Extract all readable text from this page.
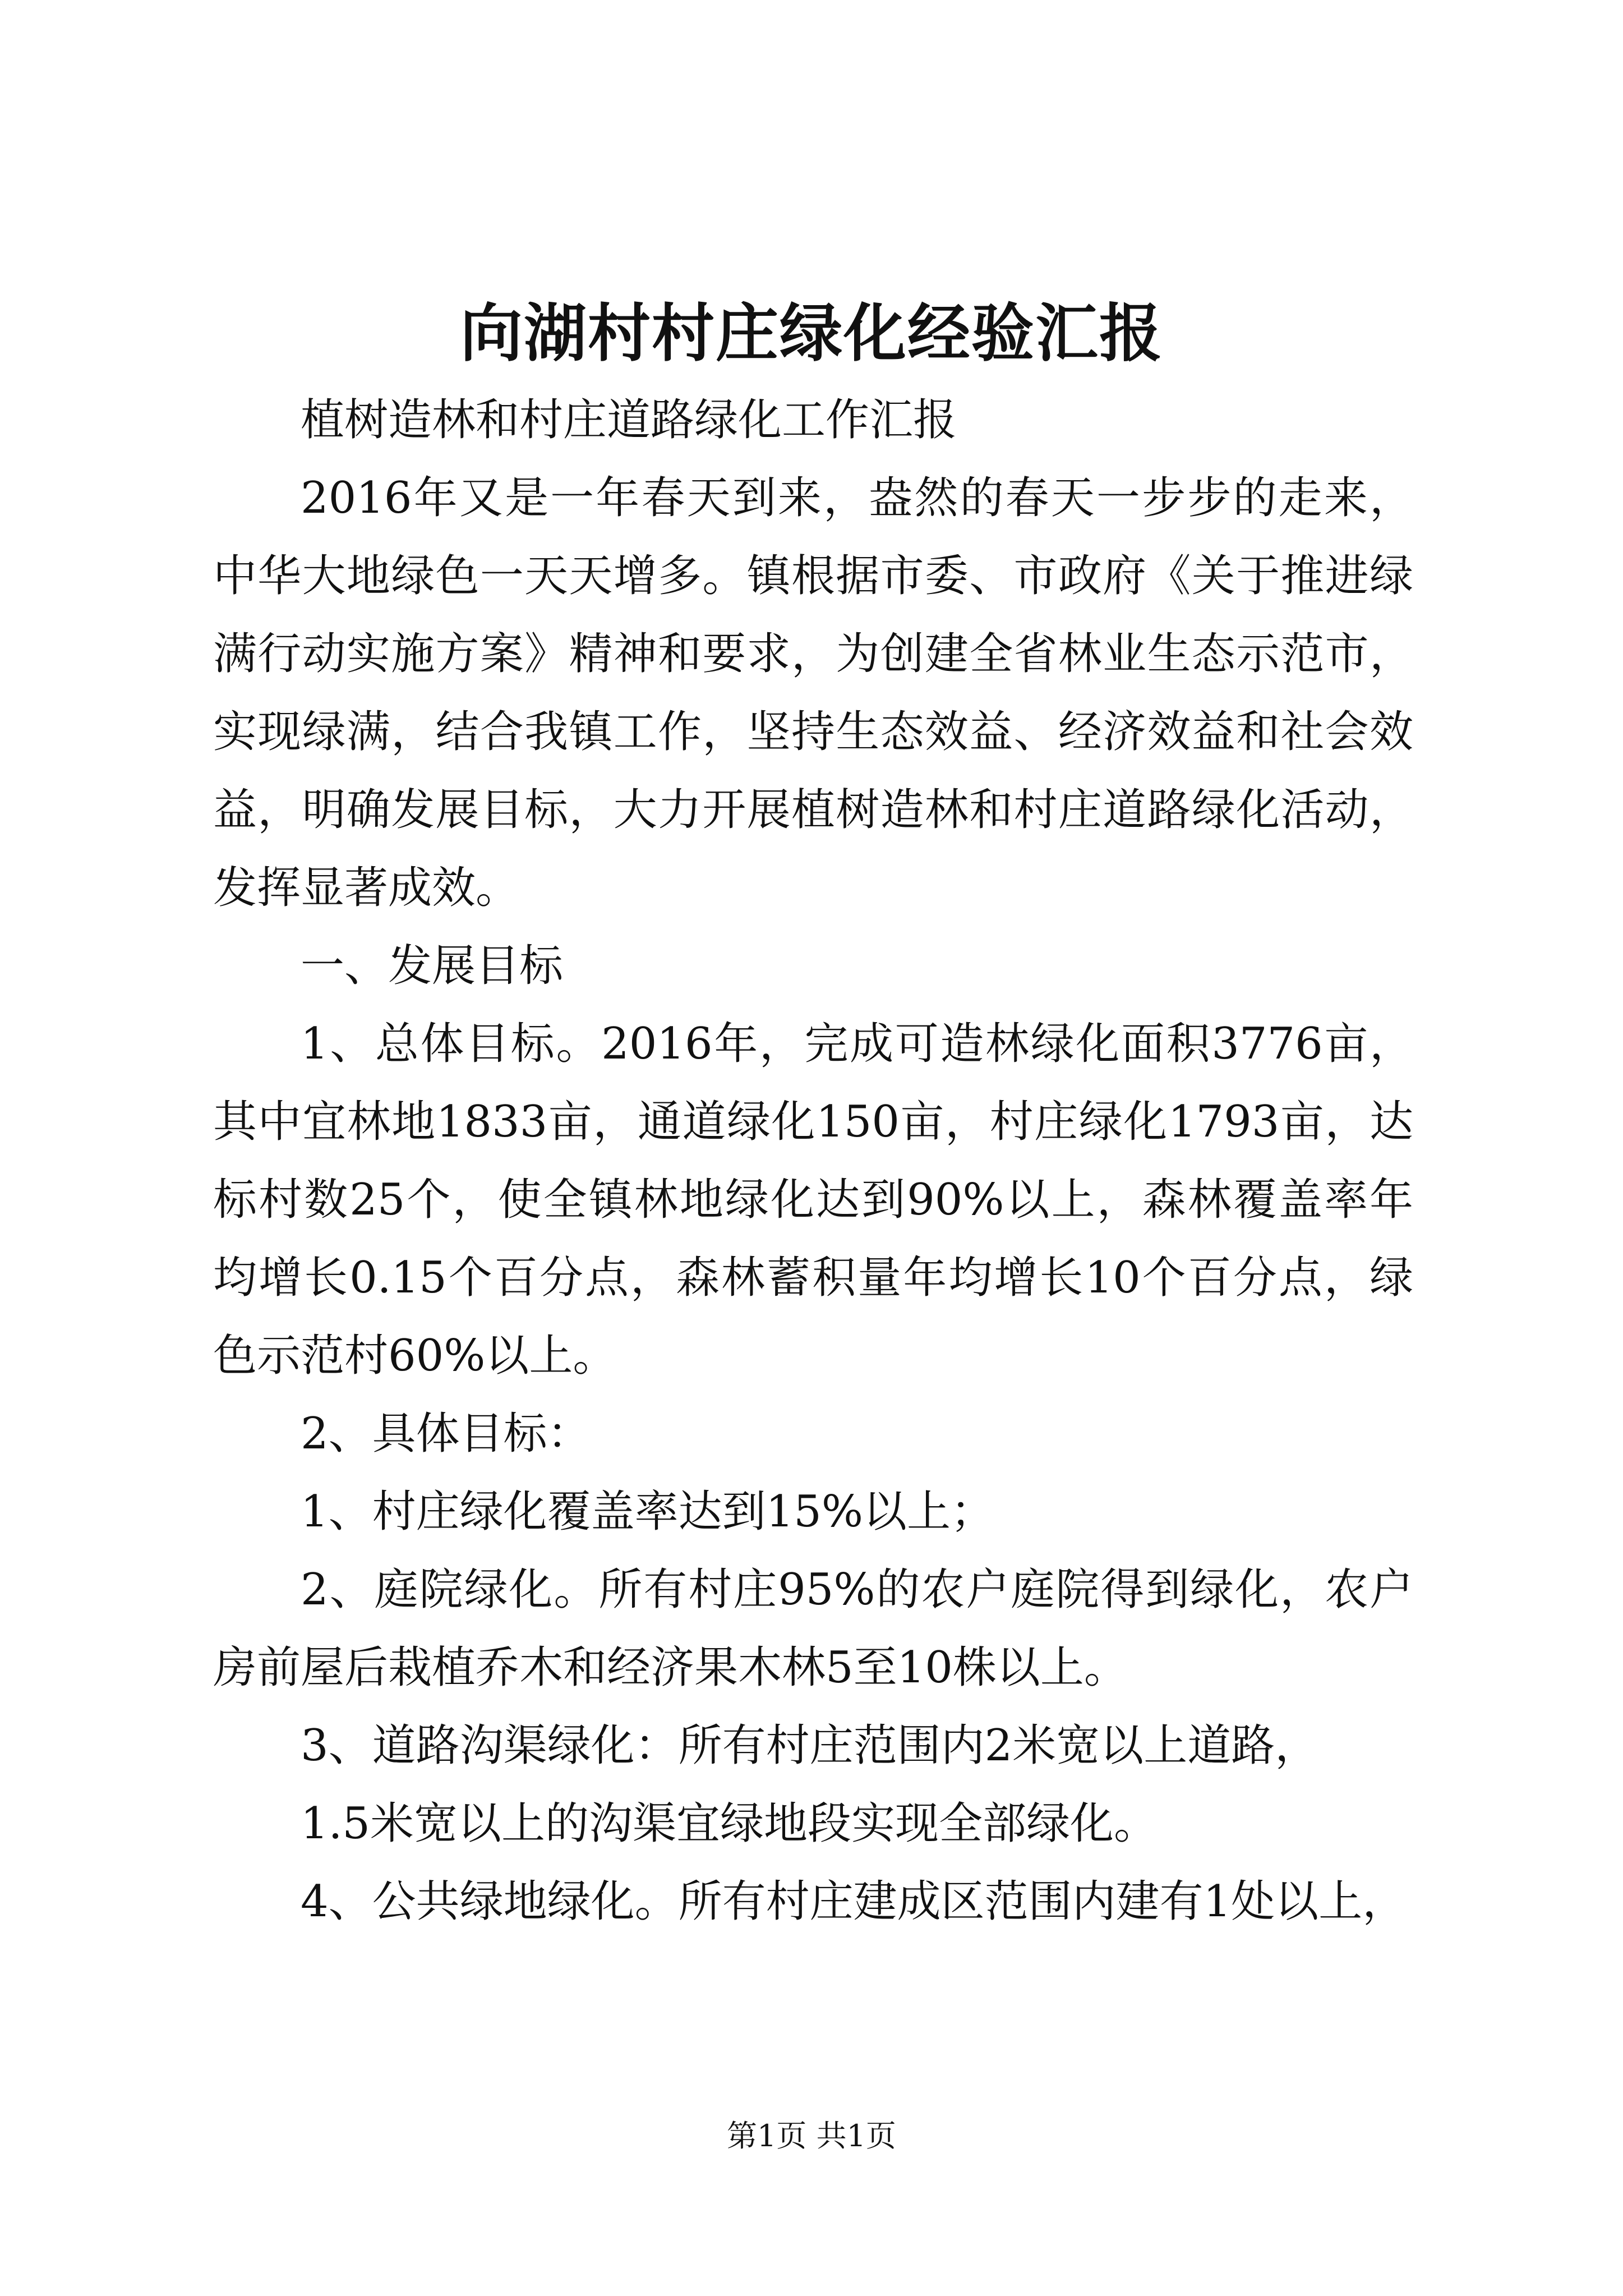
向湖村村庄绿化经验汇报

植树造林和村庄道路绿化工作汇报

2016年又是一年春天到来，盎然的春天一步步的走来，中华大地绿色一天天增多。镇根据市委、市政府《关于推进绿满行动实施方案》精神和要求，为创建全省林业生态示范市，实现绿满，结合我镇工作，坚持生态效益、经济效益和社会效益，明确发展目标，大力开展植树造林和村庄道路绿化活动，发挥显著成效。

一、发展目标

1、总体目标。2016年，完成可造林绿化面积3776亩，其中宜林地1833亩，通道绿化150亩，村庄绿化1793亩，达标村数25个，使全镇林地绿化达到90%以上，森林覆盖率年均增长0.15个百分点，森林蓄积量年均增长10个百分点，绿色示范村60%以上。

2、具体目标：

1、村庄绿化覆盖率达到15%以上；

2、庭院绿化。所有村庄95%的农户庭院得到绿化，农户房前屋后栽植乔木和经济果木林5至10株以上。

3、道路沟渠绿化：所有村庄范围内2米宽以上道路，

1.5米宽以上的沟渠宜绿地段实现全部绿化。

4、公共绿地绿化。所有村庄建成区范围内建有1处以上，

第1页 共1页
